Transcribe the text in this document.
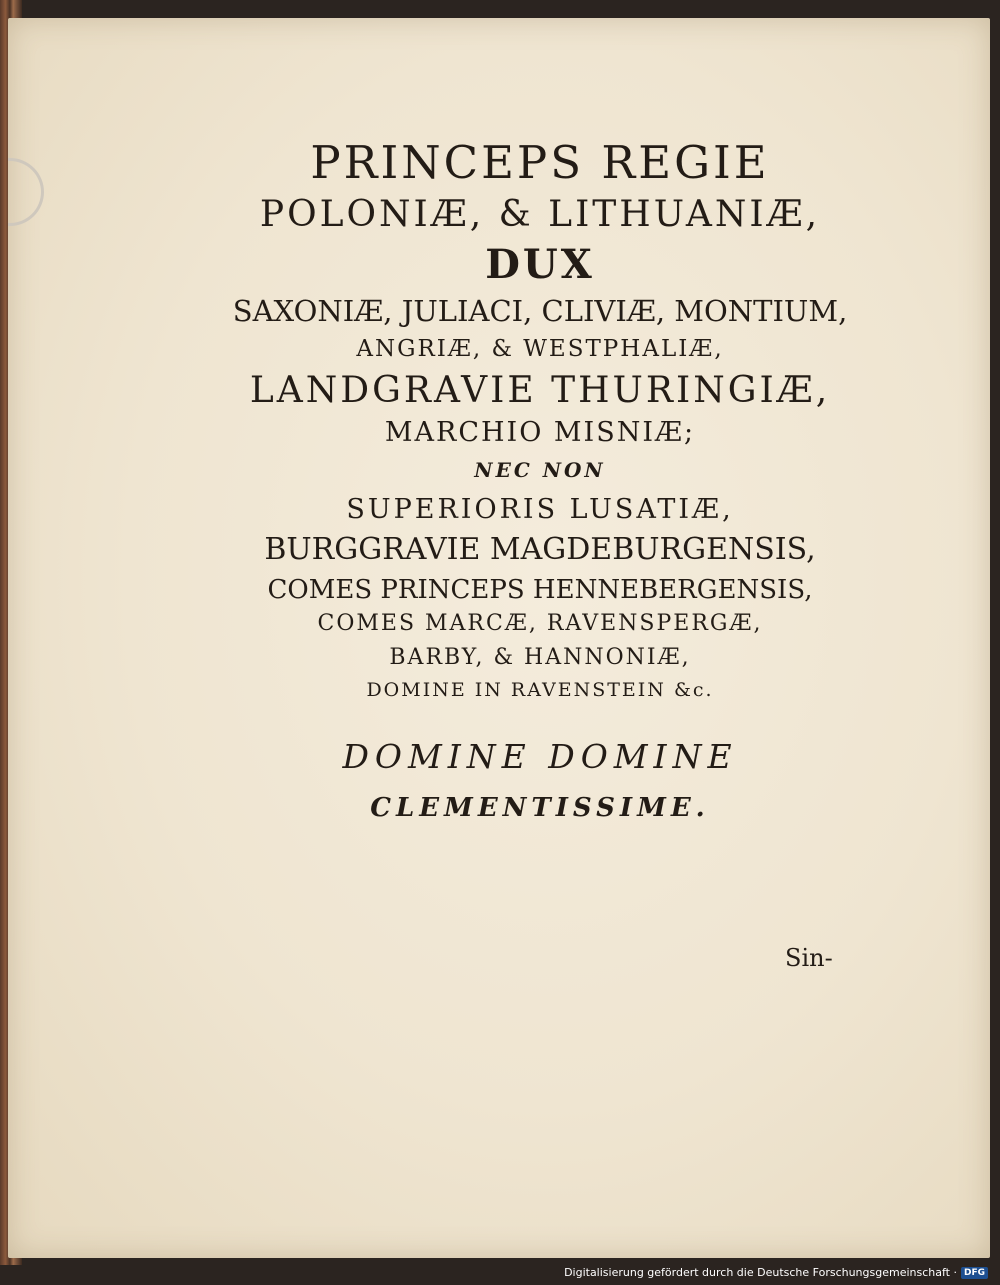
PRINCEPS REGIE
POLONIÆ, & LITHUANIÆ,
DUX
SAXONIÆ, JULIACI, CLIVIÆ, MONTIUM,
ANGRIÆ, & WESTPHALIÆ,
LANDGRAVIE THURINGIÆ,
MARCHIO MISNIÆ;
NEC NON
SUPERIORIS LUSATIÆ,
BURGGRAVIE MAGDEBURGENSIS,
COMES PRINCEPS HENNEBERGENSIS,
COMES MARCÆ, RAVENSPERGÆ,
BARBY, & HANNONIÆ,
DOMINE IN RAVENSTEIN &c.
DOMINE DOMINE
CLEMENTISSIME.
Sin-
Digitalisierung gefördert durch die Deutsche Forschungsgemeinschaft · DFG
